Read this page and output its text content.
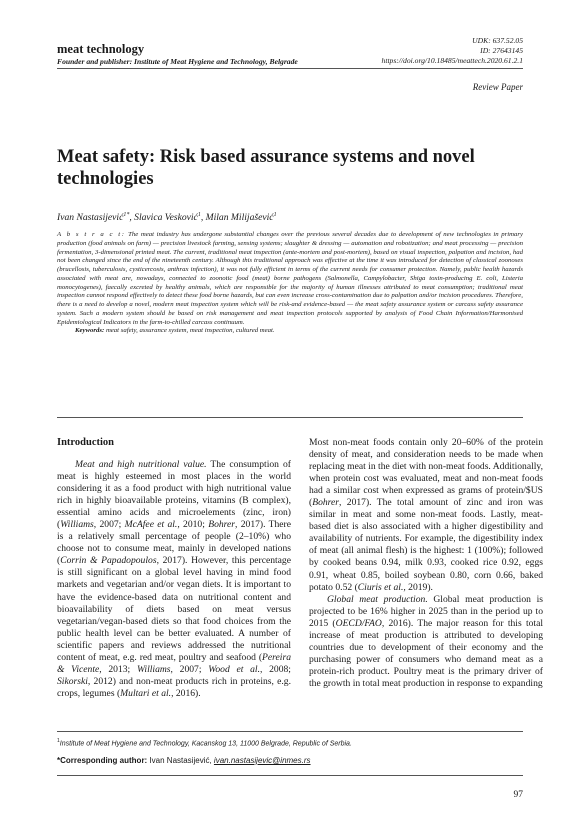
meat technology
Founder and publisher: Institute of Meat Hygiene and Technology, Belgrade
UDK: 637.52.05
ID: 27643145
https://doi.org/10.18485/meattech.2020.61.2.1
Review Paper
Meat safety: Risk based assurance systems and novel technologies
Ivan Nastasijević$^{1*}$, Slavica Vesković$^1$, Milan Milijašević$^1$
A b s t r a c t: The meat industry has undergone substantial changes over the previous several decades due to development of new technologies in primary production (food animals on farm) — precision livestock farming, sensing systems; slaughter & dressing — automation and robotization; and meat processing — precision fermentation, 3-dimensional printed meat. The current, traditional meat inspection (ante-mortem and post-mortem), based on visual inspection, palpation and incision, had not been changed since the end of the nineteenth century. Although this traditional approach was effective at the time it was introduced for detection of classical zoonoses (brucellosis, tuberculosis, cysticercosis, anthrax infection), it was not fully efficient in terms of the current needs for consumer protection. Namely, public health hazards associated with meat are, nowadays, connected to zoonotic food (meat) borne pathogens (Salmonella, Campylobacter, Shiga toxin-producing E. coli, Listeria monocytogenes), faecally excreted by healthy animals, which are responsible for the majority of human illnesses attributed to meat consumption; traditional meat inspection cannot respond effectively to detect these food borne hazards, but can even increase cross-contamination due to palpation and/or incision procedures. Therefore, there is a need to develop a novel, modern meat inspection system which will be risk-and evidence-based — the meat safety assurance system or carcass safety assurance system. Such a modern system should be based on risk management and meat inspection protocols supported by analysis of Food Chain Information/Harmonised Epidemiological Indicators in the farm-to-chilled carcass continuum.
Keywords: meat safety, assurance system, meat inspection, cultured meat.
Introduction

Meat and high nutritional value. The consumption of meat is highly esteemed in most places in the world considering it as a food product with high nutritional value rich in highly bioavailable proteins, vitamins (B complex), essential amino acids and microelements (zinc, iron) (Williams, 2007; McAfee et al., 2010; Bohrer, 2017). There is a relatively small percentage of people (2–10%) who choose not to consume meat, mainly in developed nations (Corrin & Papadopoulos, 2017). However, this percentage is still significant on a global level having in mind food markets and vegetarian and/or vegan diets. It is important to have the evidence-based data on nutritional content and bioavailability of diets based on meat versus vegetarian/vegan-based diets so that food choices from the public health level can be better evaluated. A number of scientific papers and reviews addressed the nutritional content of meat, e.g. red meat, poultry and seafood (Pereira & Vicente, 2013; Williams, 2007; Wood et al., 2008; Sikorski, 2012) and non-meat products rich in proteins, e.g. crops, legumes (Multari et al., 2016).

Most non-meat foods contain only 20–60% of the protein density of meat, and consideration needs to be made when replacing meat in the diet with non-meat foods. Additionally, when protein cost was evaluated, meat and non-meat foods had a similar cost when expressed as grams of protein/$US (Bohrer, 2017). The total amount of zinc and iron was similar in meat and some non-meat foods. Lastly, meat-based diet is also associated with a higher digestibility and availability of nutrients. For example, the digestibility index of meat (all animal flesh) is the highest: 1 (100%); followed by cooked beans 0.94, milk 0.93, cooked rice 0.92, eggs 0.91, wheat 0.85, boiled soybean 0.80, corn 0.66, baked potato 0.52 (Ciuris et al., 2019).

Global meat production. Global meat production is projected to be 16% higher in 2025 than in the period up to 2015 (OECD/FAO, 2016). The major reason for this total increase of meat production is attributed to developing countries due to development of their economy and the purchasing power of consumers who demand meat as a protein-rich product. Poultry meat is the primary driver of the growth in total meat production in response to expanding

$^1$Institute of Meat Hygiene and Technology, Kacanskog 13, 11000 Belgrade, Republic of Serbia.
*Corresponding author: Ivan Nastasijević, ivan.nastasijevic@inmes.rs
97
